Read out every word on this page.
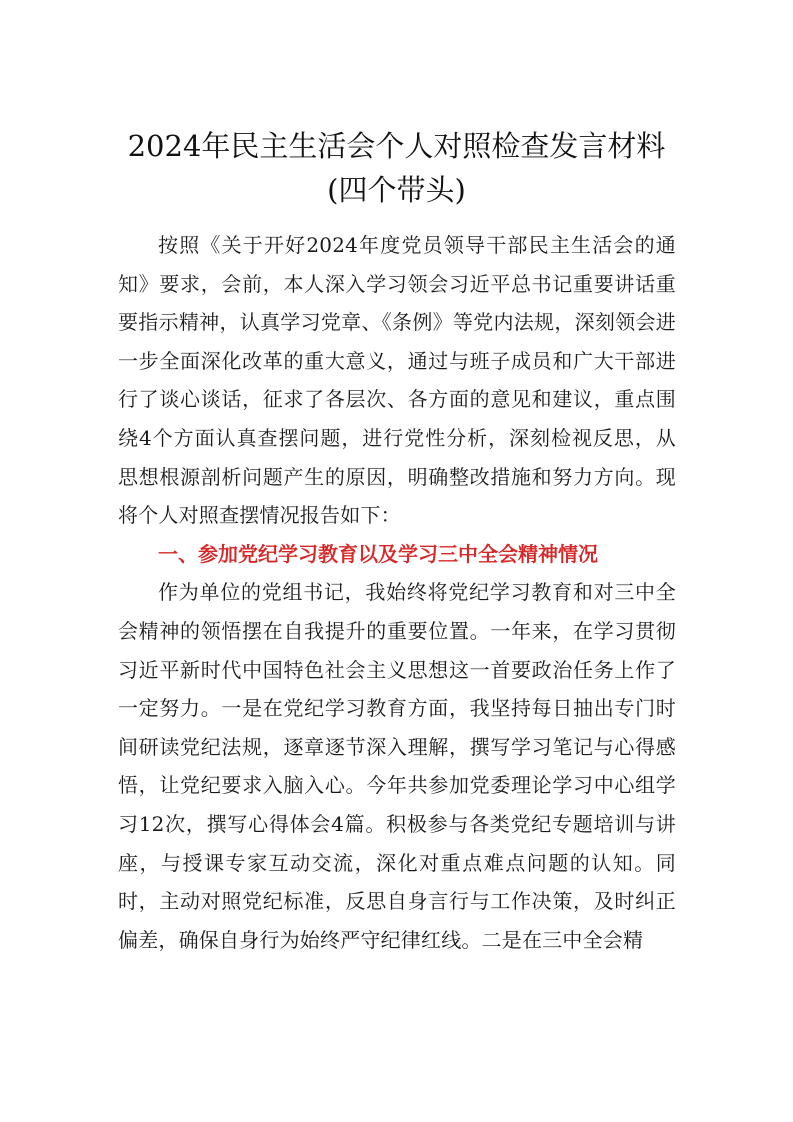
2024年民主生活会个人对照检查发言材料
(四个带头)

按照《关于开好2024年度党员领导干部民主生活会的通知》要求，会前，本人深入学习领会习近平总书记重要讲话重要指示精神，认真学习党章、《条例》等党内法规，深刻领会进一步全面深化改革的重大意义，通过与班子成员和广大干部进行了谈心谈话，征求了各层次、各方面的意见和建议，重点围绕4个方面认真查摆问题，进行党性分析，深刻检视反思，从思想根源剖析问题产生的原因，明确整改措施和努力方向。现将个人对照查摆情况报告如下：

一、参加党纪学习教育以及学习三中全会精神情况

作为单位的党组书记，我始终将党纪学习教育和对三中全会精神的领悟摆在自我提升的重要位置。一年来，在学习贯彻习近平新时代中国特色社会主义思想这一首要政治任务上作了一定努力。一是在党纪学习教育方面，我坚持每日抽出专门时间研读党纪法规，逐章逐节深入理解，撰写学习笔记与心得感悟，让党纪要求入脑入心。今年共参加党委理论学习中心组学习12次，撰写心得体会4篇。积极参与各类党纪专题培训与讲座，与授课专家互动交流，深化对重点难点问题的认知。同时，主动对照党纪标准，反思自身言行与工作决策，及时纠正偏差，确保自身行为始终严守纪律红线。二是在三中全会精
